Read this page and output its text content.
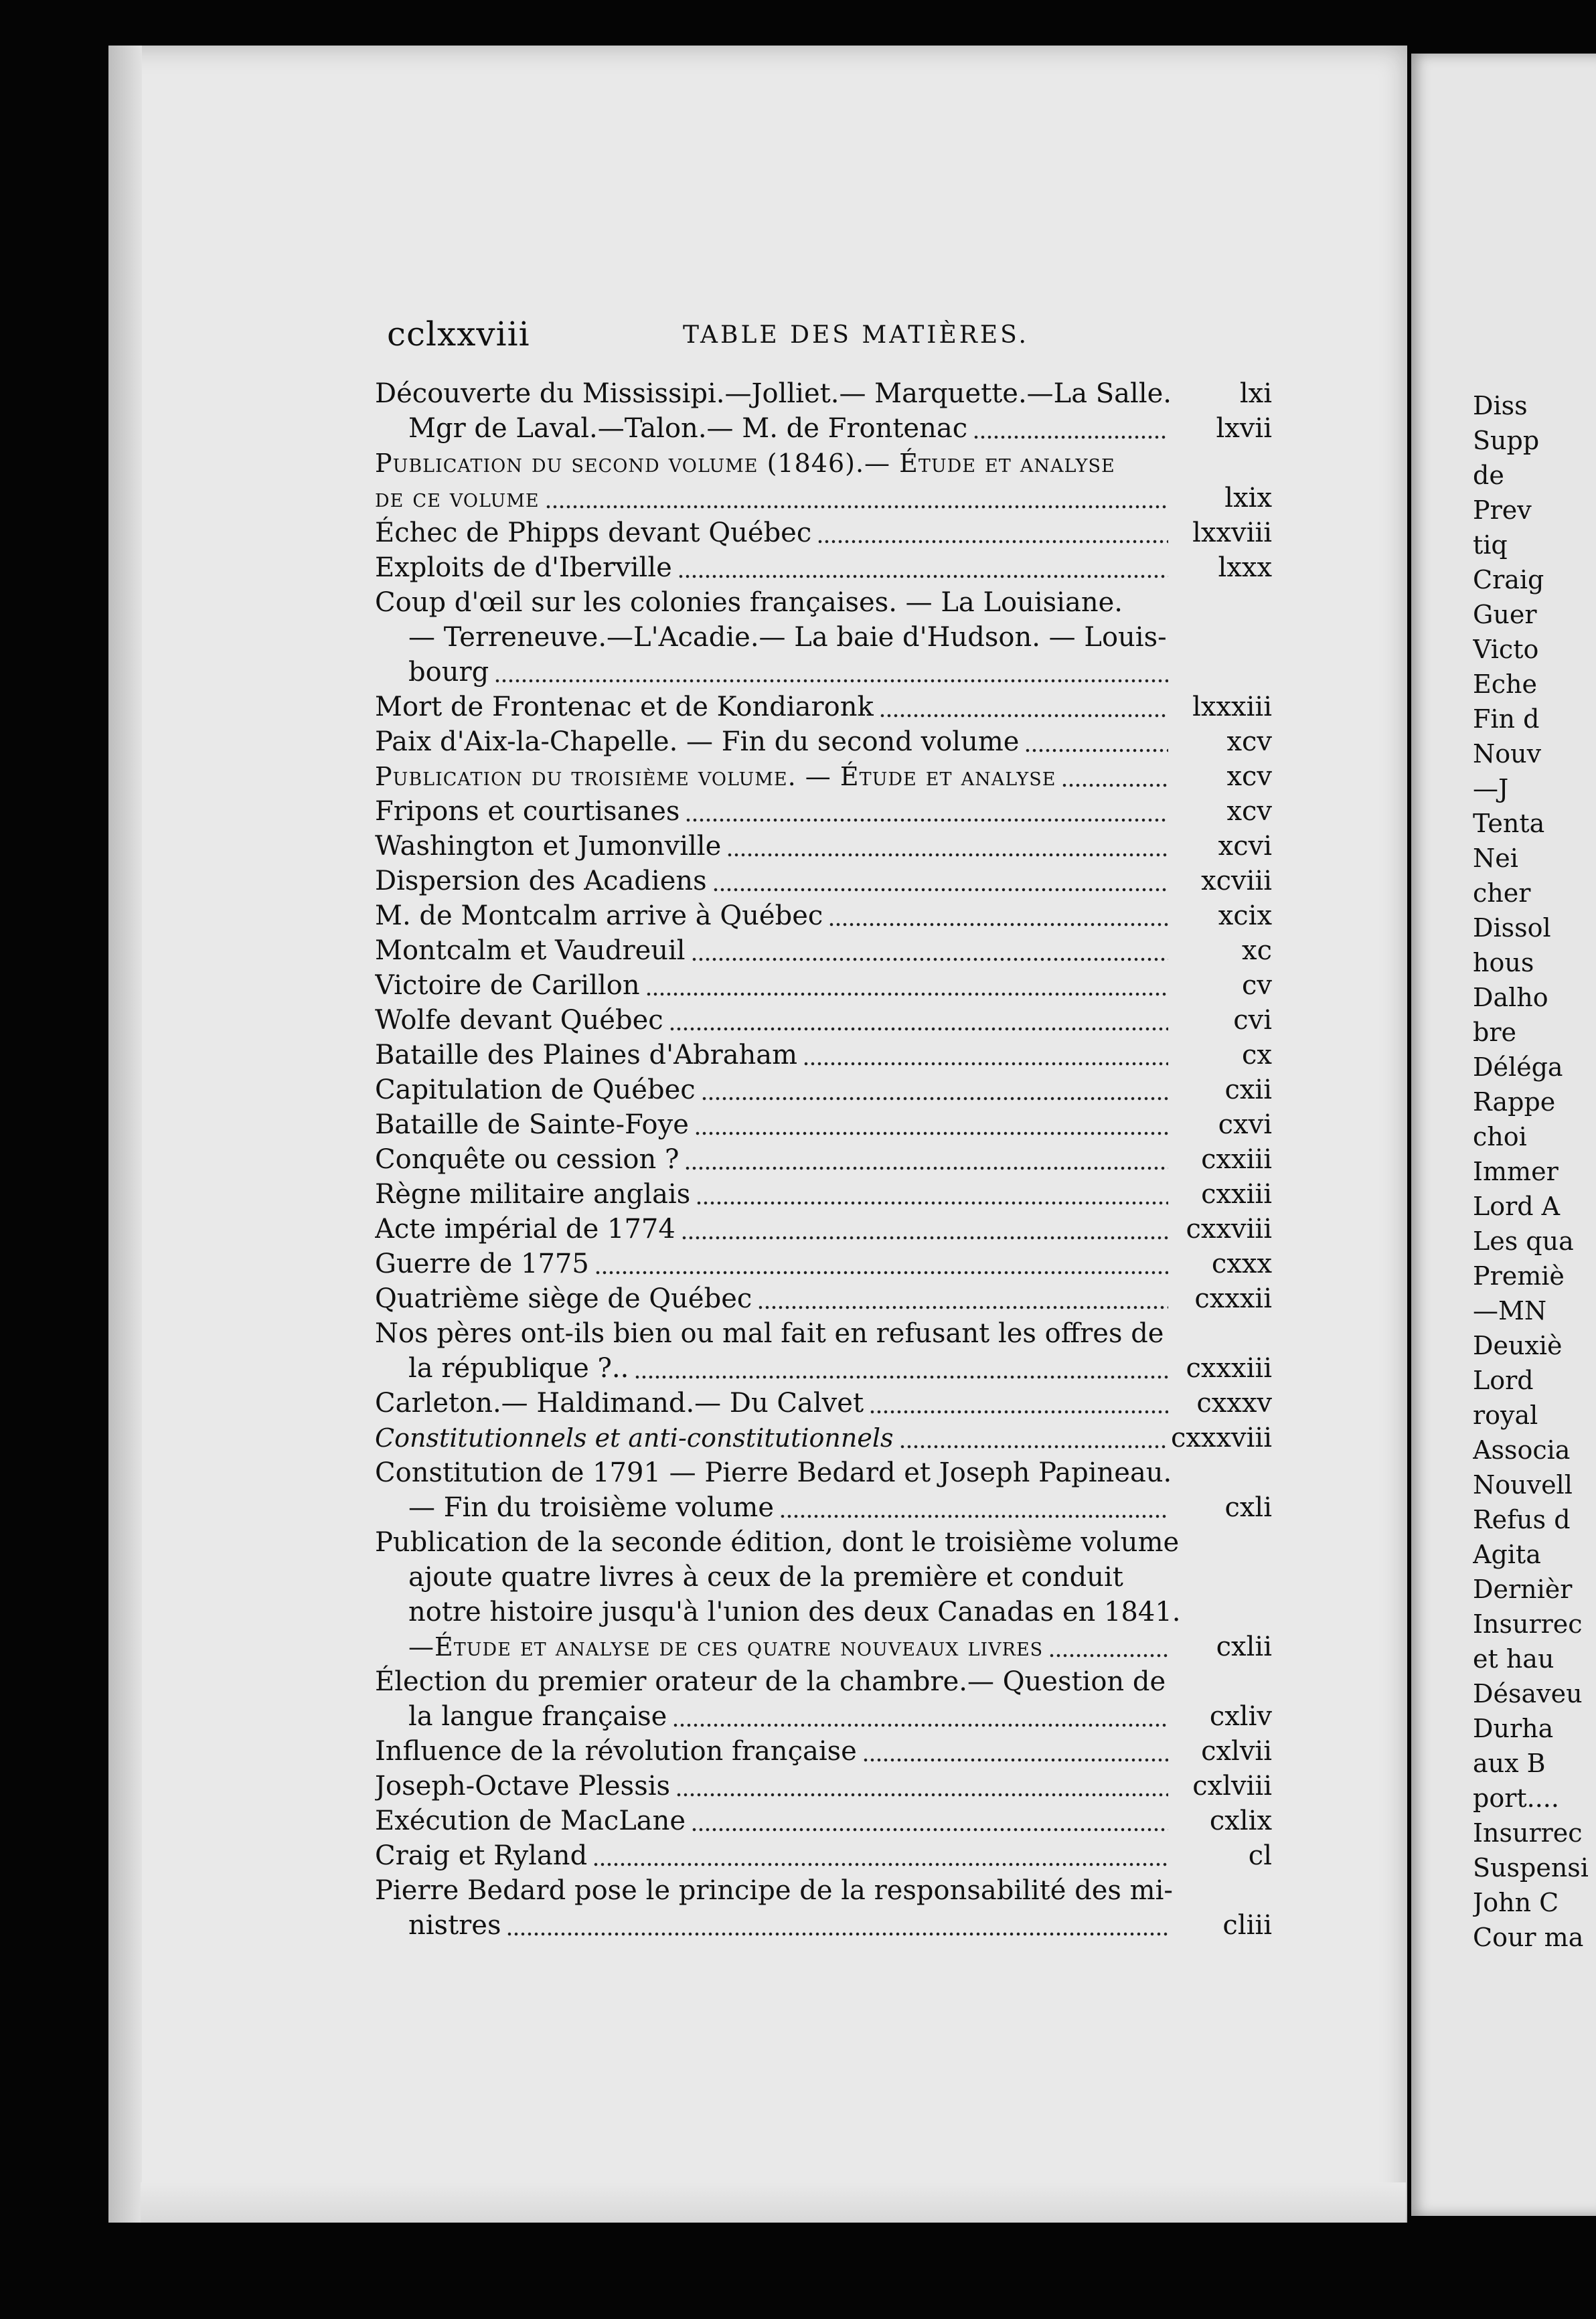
cclxxviii	TABLE DES MATIÈRES.
Découverte du Mississipi.—Jolliet.— Marquette.—La Salle.	lxi
Mgr de Laval.—Talon.— M. de Frontenac	lxvii
Publication du second volume (1846).— Étude et analyse
de ce volume	lxix
Échec de Phipps devant Québec	lxxviii
Exploits de d'Iberville	lxxx
Coup d'œil sur les colonies françaises. — La Louisiane.
— Terreneuve.—L'Acadie.— La baie d'Hudson. — Louis-
bourg
Mort de Frontenac et de Kondiaronk	lxxxiii
Paix d'Aix-la-Chapelle. — Fin du second volume	xcv
Publication du troisième volume. — Étude et analyse	xcv
Fripons et courtisanes	xcv
Washington et Jumonville	xcvi
Dispersion des Acadiens	xcviii
M. de Montcalm arrive à Québec	xcix
Montcalm et Vaudreuil	xc
Victoire de Carillon	cv
Wolfe devant Québec	cvi
Bataille des Plaines d'Abraham	cx
Capitulation de Québec	cxii
Bataille de Sainte-Foye	cxvi
Conquête ou cession ?	cxxiii
Règne militaire anglais	cxxiii
Acte impérial de 1774	cxxviii
Guerre de 1775	cxxx
Quatrième siège de Québec	cxxxii
Nos pères ont-ils bien ou mal fait en refusant les offres de
la république ?..	cxxxiii
Carleton.— Haldimand.— Du Calvet	cxxxv
Constitutionnels et anti-constitutionnels	cxxxviii
Constitution de 1791 — Pierre Bedard et Joseph Papineau.
— Fin du troisième volume	cxli
Publication de la seconde édition, dont le troisième volume
ajoute quatre livres à ceux de la première et conduit
notre histoire jusqu'à l'union des deux Canadas en 1841.
—Étude et analyse de ces quatre nouveaux livres	cxlii
Élection du premier orateur de la chambre.— Question de
la langue française	cxliv
Influence de la révolution française	cxlvii
Joseph-Octave Plessis	cxlviii
Exécution de MacLane	cxlix
Craig et Ryland	cl
Pierre Bedard pose le principe de la responsabilité des mi-
nistres	cliii
Diss
Supp
de
Prev
tiq
Craig
Guer
Victo
Eche
Fin d
Nouv
—J
Tenta
Nei
cher
Dissol
hous
Dalho
bre
Déléga
Rappe
choi
Immer
Lord A
Les qua
Premiè
—MN
Deuxiè
Lord
royal
Associa
Nouvell
Refus d
Agita
Dernièr
Insurrec
et hau
Désaveu
Durha
aux B
port....
Insurrec
Suspensi
John C
Cour ma
